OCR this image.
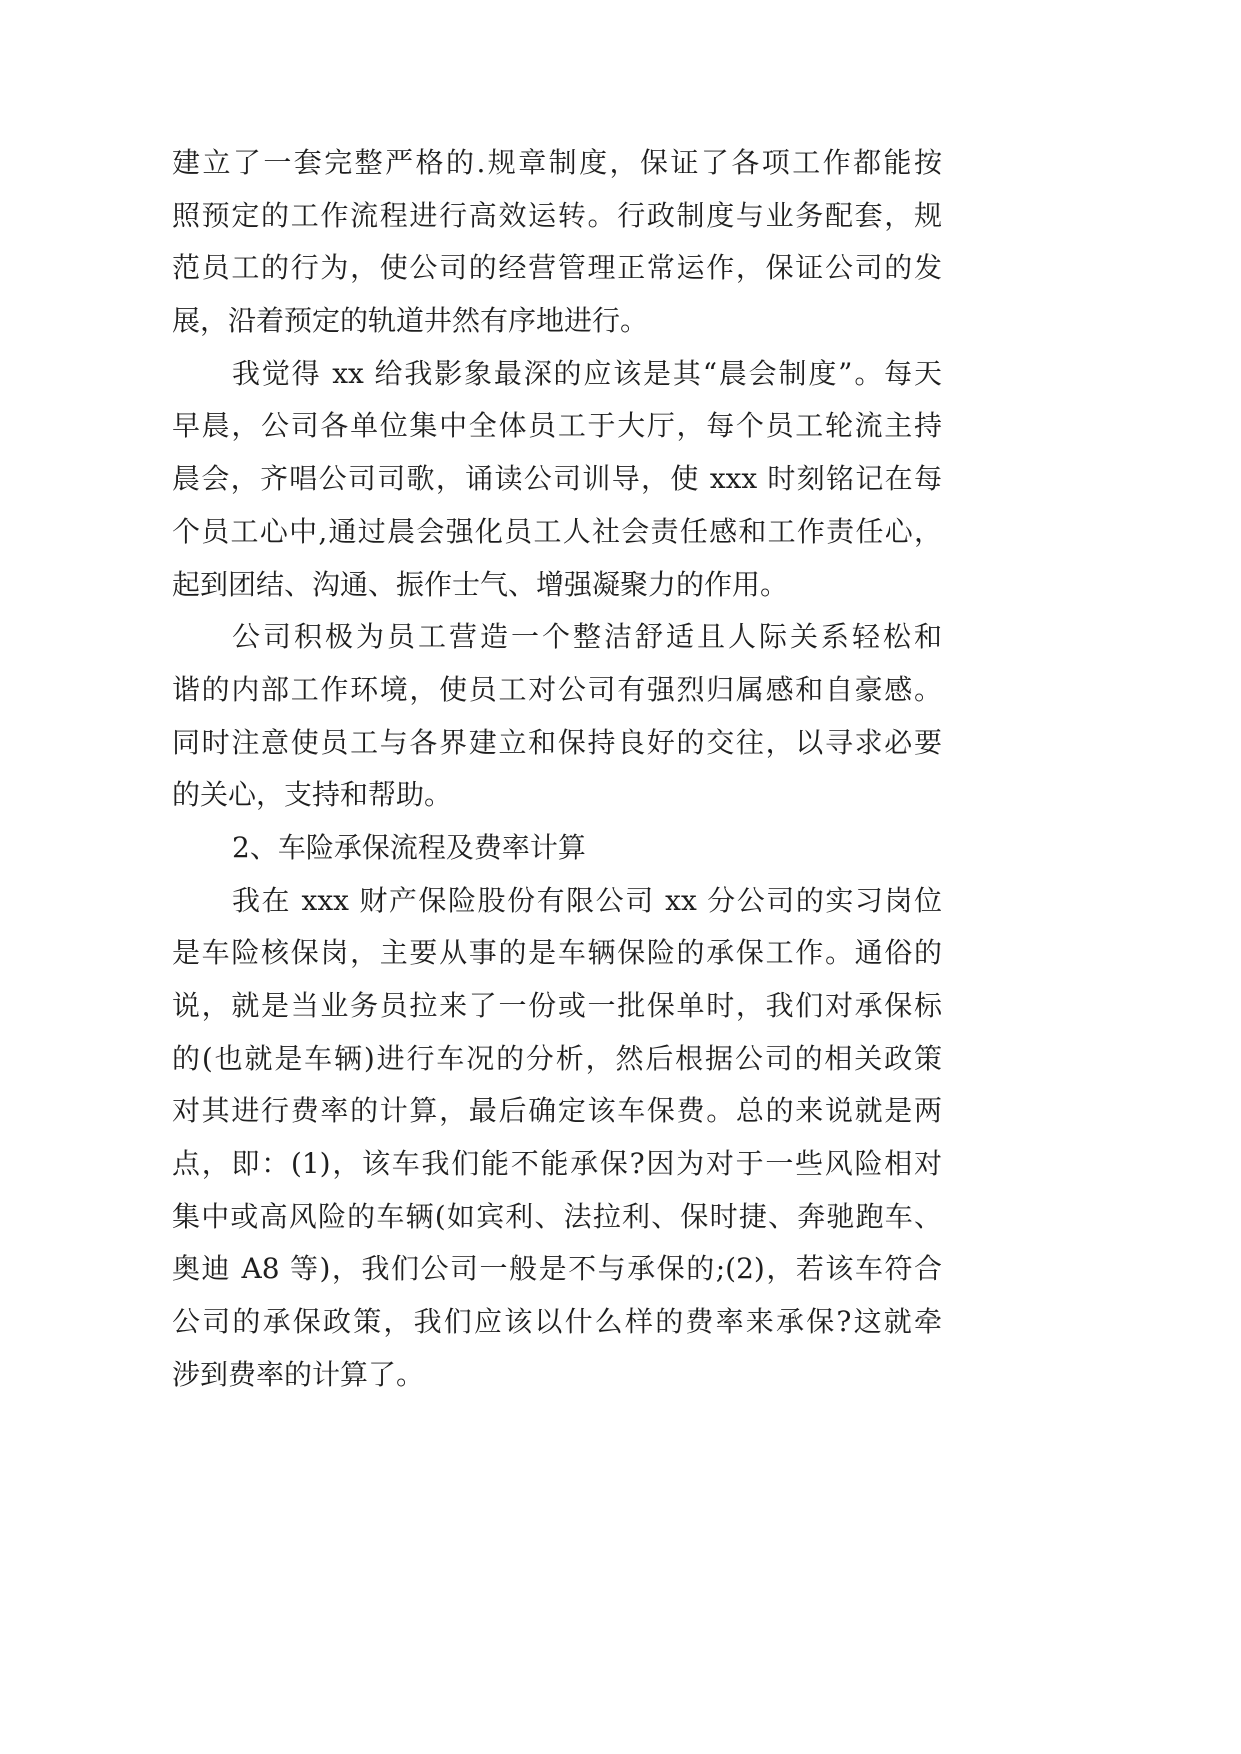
建立了一套完整严格的.规章制度，保证了各项工作都能按
照预定的工作流程进行高效运转。行政制度与业务配套，规
范员工的行为，使公司的经营管理正常运作，保证公司的发
展，沿着预定的轨道井然有序地进行。
我觉得 xx 给我影象最深的应该是其“晨会制度”。每天
早晨，公司各单位集中全体员工于大厅，每个员工轮流主持
晨会，齐唱公司司歌，诵读公司训导，使 xxx 时刻铭记在每
个员工心中,通过晨会强化员工人社会责任感和工作责任心，
起到团结、沟通、振作士气、增强凝聚力的作用。
公司积极为员工营造一个整洁舒适且人际关系轻松和
谐的内部工作环境，使员工对公司有强烈归属感和自豪感。
同时注意使员工与各界建立和保持良好的交往，以寻求必要
的关心，支持和帮助。
2、车险承保流程及费率计算
我在 xxx 财产保险股份有限公司 xx 分公司的实习岗位
是车险核保岗，主要从事的是车辆保险的承保工作。通俗的
说，就是当业务员拉来了一份或一批保单时，我们对承保标
的(也就是车辆)进行车况的分析，然后根据公司的相关政策
对其进行费率的计算，最后确定该车保费。总的来说就是两
点，即：(1)，该车我们能不能承保?因为对于一些风险相对
集中或高风险的车辆(如宾利、法拉利、保时捷、奔驰跑车、
奥迪 A8 等)，我们公司一般是不与承保的;(2)，若该车符合
公司的承保政策，我们应该以什么样的费率来承保?这就牵
涉到费率的计算了。
